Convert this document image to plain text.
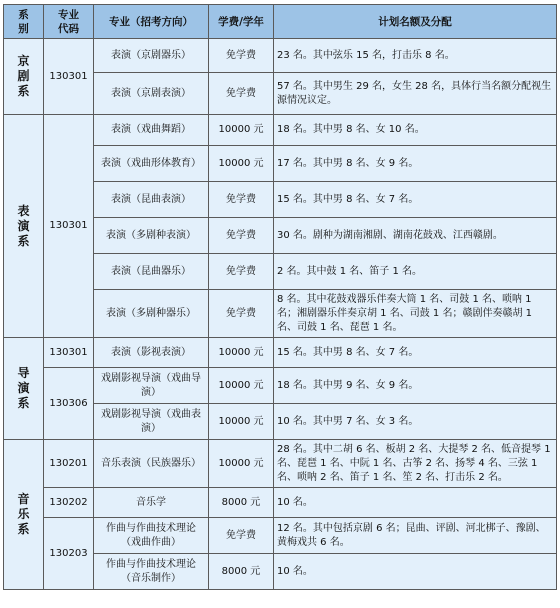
系
别	专业
代码	专业（招考方向）	学费/学年	计划名额及分配

京
剧
系	130301	表演（京剧器乐）	免学费	23 名。其中弦乐 15 名，打击乐 8 名。
		表演（京剧表演）	免学费	57 名。其中男生 29 名，女生 28 名，具体行当名额分配视生源情况议定。

表
演
系	130301	表演（戏曲舞蹈）	10000 元	18 名。其中男 8 名、女 10 名。
		表演（戏曲形体教育）	10000 元	17 名。其中男 8 名、女 9 名。
		表演（昆曲表演）	免学费	15 名。其中男 8 名、女 7 名。
		表演（多剧种表演）	免学费	30 名。剧种为湖南湘剧、湖南花鼓戏、江西赣剧。
		表演（昆曲器乐）	免学费	2 名。其中鼓 1 名、笛子 1 名。
		表演（多剧种器乐）	免学费	8 名。其中花鼓戏器乐伴奏大筒 1 名、司鼓 1 名、唢呐 1 名；湘剧器乐伴奏京胡 1 名、司鼓 1 名；赣剧伴奏赣胡 1 名、司鼓 1 名、琵琶 1 名。

导
演
系	130301	表演（影视表演）	10000 元	15 名。其中男 8 名、女 7 名。
	130306	戏剧影视导演（戏曲导演）	10000 元	18 名。其中男 9 名、女 9 名。
		戏剧影视导演（戏曲表演）	10000 元	10 名。其中男 7 名、女 3 名。

音
乐
系	130201	音乐表演（民族器乐）	10000 元	28 名。其中二胡 6 名、板胡 2 名、大提琴 2 名、低音提琴 1 名、琵琶 1 名、中阮 1 名、古筝 2 名、扬琴 4 名、三弦 1 名、唢呐 2 名、笛子 1 名、笙 2 名、打击乐 2 名。
	130202	音乐学	8000 元	10 名。
	130203	作曲与作曲技术理论（戏曲作曲）	免学费	12 名。其中包括京剧 6 名；昆曲、评剧、河北梆子、豫剧、黄梅戏共 6 名。
		作曲与作曲技术理论（音乐制作）	8000 元	10 名。
